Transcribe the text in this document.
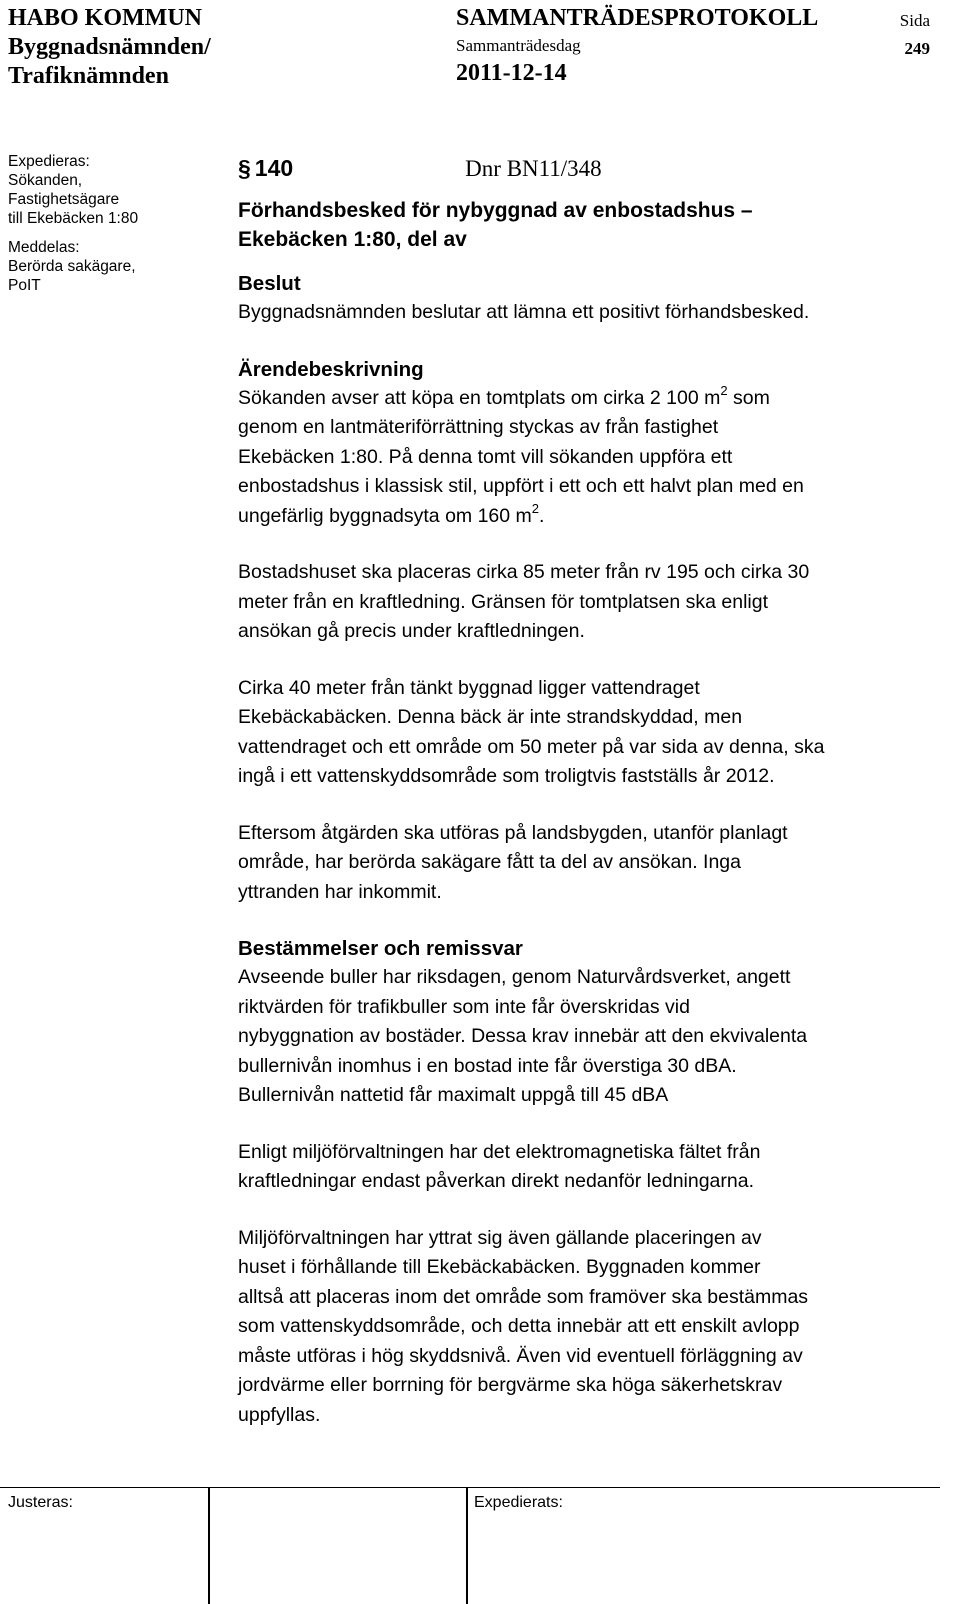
HABO KOMMUN
Byggnadsnämnden/
Trafiknämnden
SAMMANTRÄDESPROTOKOLL
Sammanträdesdag
2011-12-14
Sida
249
Expedieras:
Sökanden,
Fastighetsägare
till Ekebäcken 1:80
Meddelas:
Berörda sakägare,
PoIT
§ 140	Dnr BN11/348
Förhandsbesked för nybyggnad av enbostadshus –
Ekebäcken 1:80, del av
Beslut
Byggnadsnämnden beslutar att lämna ett positivt förhandsbesked.
Ärendebeskrivning
Sökanden avser att köpa en tomtplats om cirka 2 100 $m^2$ som
genom en lantmäteriförrättning styckas av från fastighet
Ekebäcken 1:80. På denna tomt vill sökanden uppföra ett
enbostadshus i klassisk stil, uppfört i ett och ett halvt plan med en
ungefärlig byggnadsyta om 160 $m^2$.
Bostadshuset ska placeras cirka 85 meter från rv 195 och cirka 30
meter från en kraftledning. Gränsen för tomtplatsen ska enligt
ansökan gå precis under kraftledningen.
Cirka 40 meter från tänkt byggnad ligger vattendraget
Ekebäckabäcken. Denna bäck är inte strandskyddad, men
vattendraget och ett område om 50 meter på var sida av denna, ska
ingå i ett vattenskyddsområde som troligtvis fastställs år 2012.
Eftersom åtgärden ska utföras på landsbygden, utanför planlagt
område, har berörda sakägare fått ta del av ansökan. Inga
yttranden har inkommit.
Bestämmelser och remissvar
Avseende buller har riksdagen, genom Naturvårdsverket, angett
riktvärden för trafikbuller som inte får överskridas vid
nybyggnation av bostäder. Dessa krav innebär att den ekvivalenta
bullernivån inomhus i en bostad inte får överstiga 30 dBA.
Bullernivån nattetid får maximalt uppgå till 45 dBA
Enligt miljöförvaltningen har det elektromagnetiska fältet från
kraftledningar endast påverkan direkt nedanför ledningarna.
Miljöförvaltningen har yttrat sig även gällande placeringen av
huset i förhållande till Ekebäckabäcken. Byggnaden kommer
alltså att placeras inom det område som framöver ska bestämmas
som vattenskyddsområde, och detta innebär att ett enskilt avlopp
måste utföras i hög skyddsnivå. Även vid eventuell förläggning av
jordvärme eller borrning för bergvärme ska höga säkerhetskrav
uppfyllas.
Justeras:	Expedierats:
